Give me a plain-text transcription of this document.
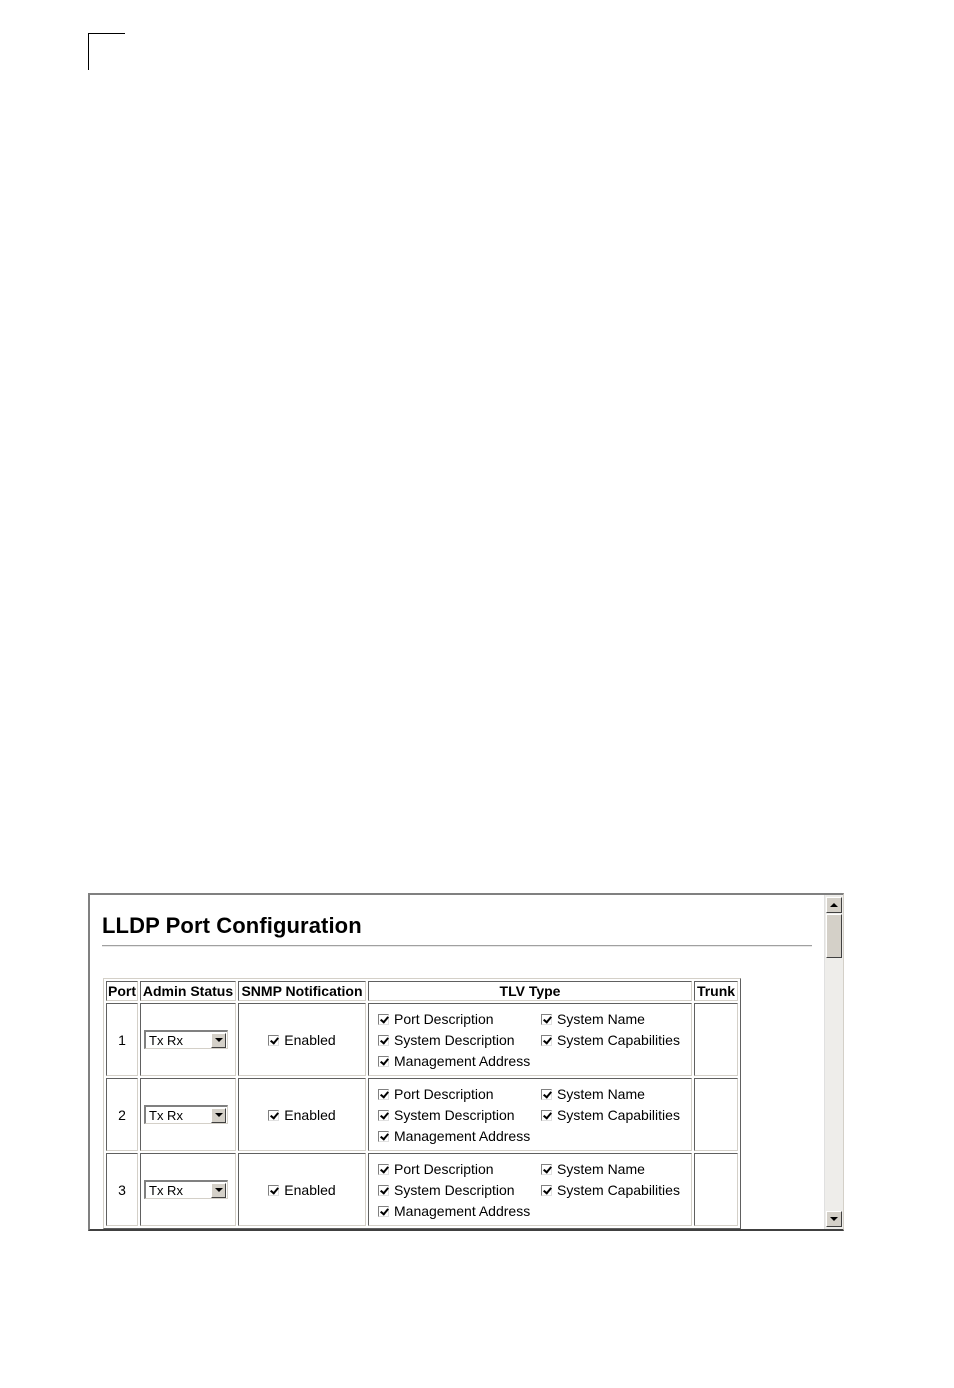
LLDP Port Configuration
Port	Admin Status	SNMP Notification	TLV Type	Trunk
1	Tx Rx	Enabled	Port Description System Name
System Description System Capabilities
Management Address	

2	Tx Rx	Enabled	Port Description System Name
System Description System Capabilities
Management Address	

3	Tx Rx	Enabled	Port Description System Name
System Description System Capabilities
Management Address	
